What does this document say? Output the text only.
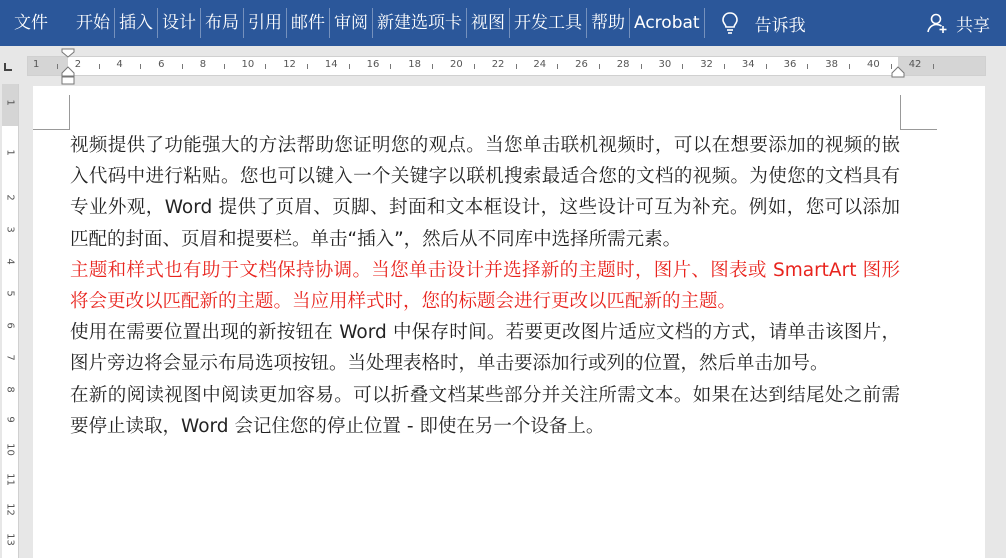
文件	开始 插入 设计 布局 引用 邮件 审阅 新建选项卡 视图 开发工具 帮助 Acrobat	告诉我	共享
1	2	4	6	8	10	12	14	16	18	20	22	24	26	28	30	32	34	36	38	40	42
1
1
2
3
4
5
6
7
8
9
10
11
12
13

视频提供了功能强大的方法帮助您证明您的观点。当您单击联机视频时，可以在想要添加的视频的嵌入代码中进行粘贴。您也可以键入一个关键字以联机搜索最适合您的文档的视频。为使您的文档具有专业外观，Word 提供了页眉、页脚、封面和文本框设计，这些设计可互为补充。例如，您可以添加匹配的封面、页眉和提要栏。单击“插入”，然后从不同库中选择所需元素。

主题和样式也有助于文档保持协调。当您单击设计并选择新的主题时，图片、图表或 SmartArt 图形将会更改以匹配新的主题。当应用样式时，您的标题会进行更改以匹配新的主题。

使用在需要位置出现的新按钮在 Word 中保存时间。若要更改图片适应文档的方式，请单击该图片，图片旁边将会显示布局选项按钮。当处理表格时，单击要添加行或列的位置，然后单击加号。

在新的阅读视图中阅读更加容易。可以折叠文档某些部分并关注所需文本。如果在达到结尾处之前需要停止读取，Word 会记住您的停止位置 - 即使在另一个设备上。
